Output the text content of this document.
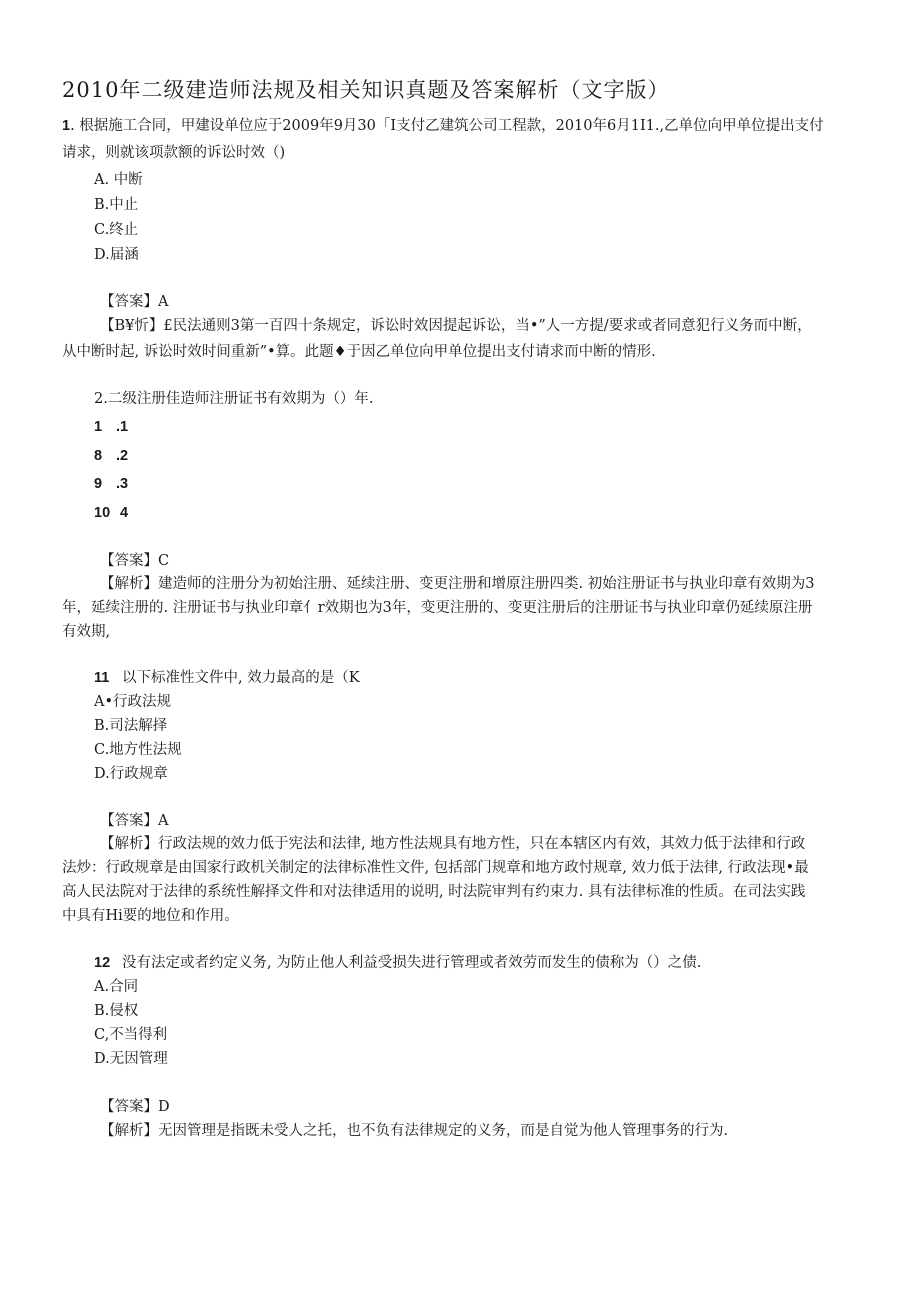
2010年二级建造师法规及相关知识真题及答案解析（文字版）
1. 根据施工合同，甲建设单位应于2009年9月30「I支付乙建筑公司工程款，2010年6月1I1.,乙单位向甲单位提出支付
请求，则就该项款额的诉讼时效（)
A. 中断
B.中止
C.终止
D.届涵
【答案】A
【B¥忻】£民法通则3第一百四十条规定，诉讼时效因提起诉讼，当•”人一方提/要求或者同意犯行义务而中断，
从中断时起, 诉讼时效时间重新”•算。此题♦于因乙单位向甲单位提出支付请求而中断的情形.
2.二级注册佳造师注册证书有效期为（）年.
1 .1
8 .2
9 .3
10 4
【答案】C
【解析】建造师的注册分为初始注册、延续注册、变更注册和增原注册四类. 初始注册证书与执业印章有效期为3
年，延续注册的. 注册证书与执业印章亻r效期也为3年，变更注册的、变更注册后的注册证书与执业印章仍延续原注册
有效期,
11 以下标准性文件中, 效力最高的是（K
A•行政法规
B.司法解择
C.地方性法规
D.行政规章
【答案】A
【解析】行政法规的效力低于宪法和法律, 地方性法规具有地方性，只在本辖区内有效，其效力低于法律和行政
法炒：行政规章是由国家行政机关制定的法律标准性文件, 包括部门规章和地方政忖规章, 效力低于法律, 行政法现•最
高人民法院对于法律的系统性解择文件和对法律适用的说明, 时法院审判有约束力. 具有法律标准的性质。在司法实践
中具有Hi要的地位和作用。
12 没有法定或者约定义务, 为防止他人利益受损失进行管理或者效劳而发生的债称为（）之债.
A.合同
B.侵权
C,不当得利
D.无因管理
【答案】D
【解析】无因管理是指既未受人之托，也不负有法律规定的义务，而是自觉为他人管理事务的行为.
